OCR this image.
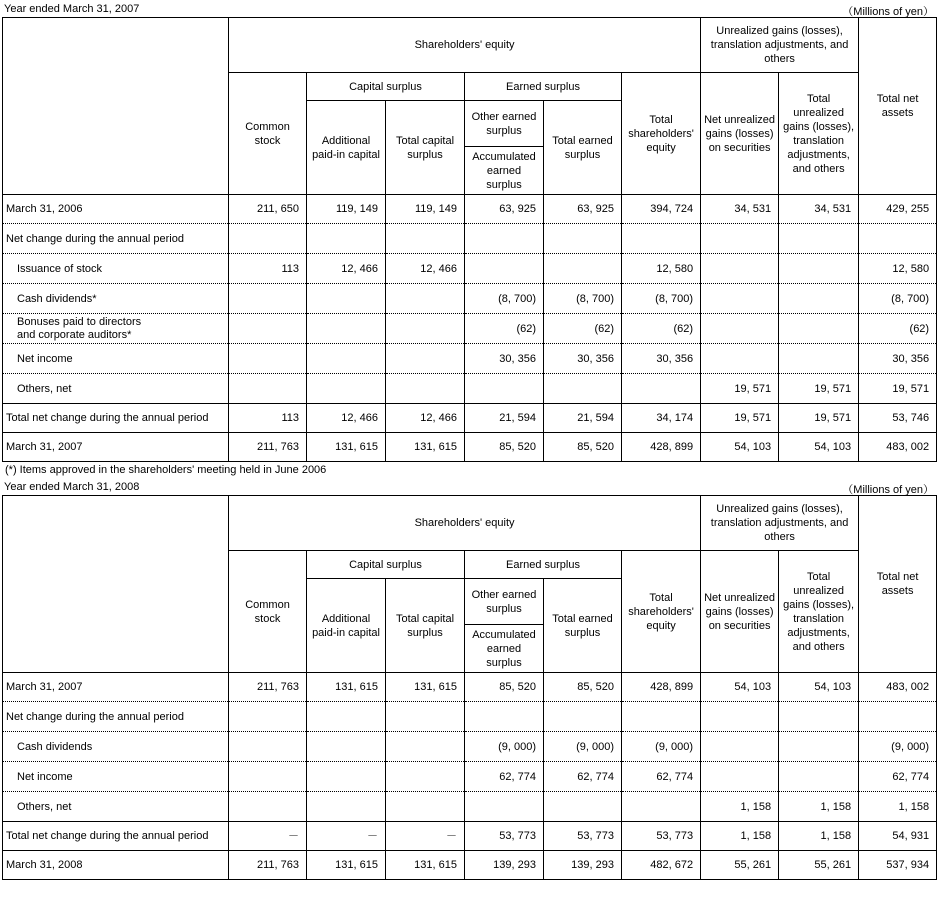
Year ended March 31, 2007	（Millions of yen）
	Shareholders' equity						Unrealized gains (losses), translation adjustments, and others		Total net assets
	Common stock	Capital surplus		Earned surplus		Total shareholders' equity	Net unrealized gains (losses) on securities	Total unrealized gains (losses), translation adjustments, and others	
		Additional paid-in capital	Total capital surplus	Other earned surplus	Total earned surplus				
				Accumulated earned surplus					
March 31, 2006	211, 650	119, 149	119, 149	63, 925	63, 925	394, 724	34, 531	34, 531	429, 255
Net change during the annual period									
Issuance of stock	113	12, 466	12, 466			12, 580			12, 580
Cash dividends*				(8, 700)	(8, 700)	(8, 700)			(8, 700)
Bonuses paid to directors
and corporate auditors*				(62)	(62)	(62)			(62)
Net income				30, 356	30, 356	30, 356			30, 356
Others, net							19, 571	19, 571	19, 571
Total net change during the annual period	113	12, 466	12, 466	21, 594	21, 594	34, 174	19, 571	19, 571	53, 746
March 31, 2007	211, 763	131, 615	131, 615	85, 520	85, 520	428, 899	54, 103	54, 103	483, 002
(*) Items approved in the shareholders' meeting held in June 2006
Year ended March 31, 2008	（Millions of yen）
	Shareholders' equity						Unrealized gains (losses), translation adjustments, and others		Total net assets
	Common stock	Capital surplus		Earned surplus		Total shareholders' equity	Net unrealized gains (losses) on securities	Total unrealized gains (losses), translation adjustments, and others	
		Additional paid-in capital	Total capital surplus	Other earned surplus	Total earned surplus				
				Accumulated earned surplus					
March 31, 2007	211, 763	131, 615	131, 615	85, 520	85, 520	428, 899	54, 103	54, 103	483, 002
Net change during the annual period									
Cash dividends				(9, 000)	(9, 000)	(9, 000)			(9, 000)
Net income				62, 774	62, 774	62, 774			62, 774
Others, net							1, 158	1, 158	1, 158
Total net change during the annual period	－	－	－	53, 773	53, 773	53, 773	1, 158	1, 158	54, 931
March 31, 2008	211, 763	131, 615	131, 615	139, 293	139, 293	482, 672	55, 261	55, 261	537, 934
